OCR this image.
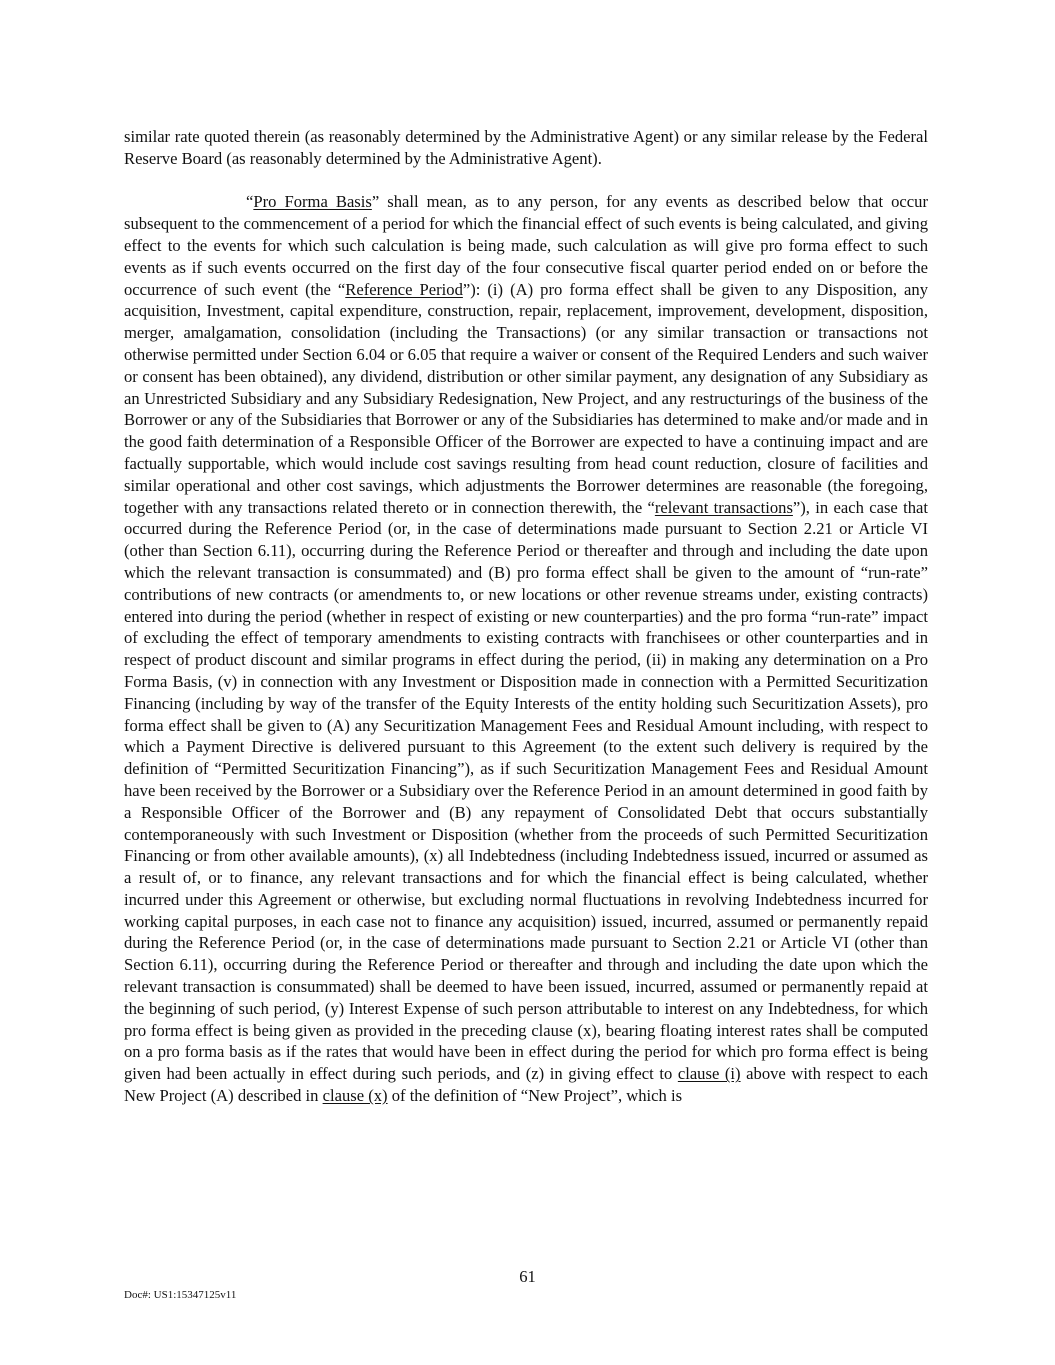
similar rate quoted therein (as reasonably determined by the Administrative Agent) or any similar release by the Federal Reserve Board (as reasonably determined by the Administrative Agent).

“Pro Forma Basis” shall mean, as to any person, for any events as described below that occur subsequent to the commencement of a period for which the financial effect of such events is being calculated, and giving effect to the events for which such calculation is being made, such calculation as will give pro forma effect to such events as if such events occurred on the first day of the four consecutive fiscal quarter period ended on or before the occurrence of such event (the “Reference Period”): (i) (A) pro forma effect shall be given to any Disposition, any acquisition, Investment, capital expenditure, construction, repair, replacement, improvement, development, disposition, merger, amalgamation, consolidation (including the Transactions) (or any similar transaction or transactions not otherwise permitted under Section 6.04 or 6.05 that require a waiver or consent of the Required Lenders and such waiver or consent has been obtained), any dividend, distribution or other similar payment, any designation of any Subsidiary as an Unrestricted Subsidiary and any Subsidiary Redesignation, New Project, and any restructurings of the business of the Borrower or any of the Subsidiaries that Borrower or any of the Subsidiaries has determined to make and/or made and in the good faith determination of a Responsible Officer of the Borrower are expected to have a continuing impact and are factually supportable, which would include cost savings resulting from head count reduction, closure of facilities and similar operational and other cost savings, which adjustments the Borrower determines are reasonable (the foregoing, together with any transactions related thereto or in connection therewith, the “relevant transactions”), in each case that occurred during the Reference Period (or, in the case of determinations made pursuant to Section 2.21 or Article VI (other than Section 6.11), occurring during the Reference Period or thereafter and through and including the date upon which the relevant transaction is consummated) and (B) pro forma effect shall be given to the amount of “run-rate” contributions of new contracts (or amendments to, or new locations or other revenue streams under, existing contracts) entered into during the period (whether in respect of existing or new counterparties) and the pro forma “run-rate” impact of excluding the effect of temporary amendments to existing contracts with franchisees or other counterparties and in respect of product discount and similar programs in effect during the period, (ii) in making any determination on a Pro Forma Basis, (v) in connection with any Investment or Disposition made in connection with a Permitted Securitization Financing (including by way of the transfer of the Equity Interests of the entity holding such Securitization Assets), pro forma effect shall be given to (A) any Securitization Management Fees and Residual Amount including, with respect to which a Payment Directive is delivered pursuant to this Agreement (to the extent such delivery is required by the definition of “Permitted Securitization Financing”), as if such Securitization Management Fees and Residual Amount have been received by the Borrower or a Subsidiary over the Reference Period in an amount determined in good faith by a Responsible Officer of the Borrower and (B) any repayment of Consolidated Debt that occurs substantially contemporaneously with such Investment or Disposition (whether from the proceeds of such Permitted Securitization Financing or from other available amounts), (x) all Indebtedness (including Indebtedness issued, incurred or assumed as a result of, or to finance, any relevant transactions and for which the financial effect is being calculated, whether incurred under this Agreement or otherwise, but excluding normal fluctuations in revolving Indebtedness incurred for working capital purposes, in each case not to finance any acquisition) issued, incurred, assumed or permanently repaid during the Reference Period (or, in the case of determinations made pursuant to Section 2.21 or Article VI (other than Section 6.11), occurring during the Reference Period or thereafter and through and including the date upon which the relevant transaction is consummated) shall be deemed to have been issued, incurred, assumed or permanently repaid at the beginning of such period, (y) Interest Expense of such person attributable to interest on any Indebtedness, for which pro forma effect is being given as provided in the preceding clause (x), bearing floating interest rates shall be computed on a pro forma basis as if the rates that would have been in effect during the period for which pro forma effect is being given had been actually in effect during such periods, and (z) in giving effect to clause (i) above with respect to each New Project (A) described in clause (x) of the definition of “New Project”, which is

61
Doc#: US1:15347125v11
